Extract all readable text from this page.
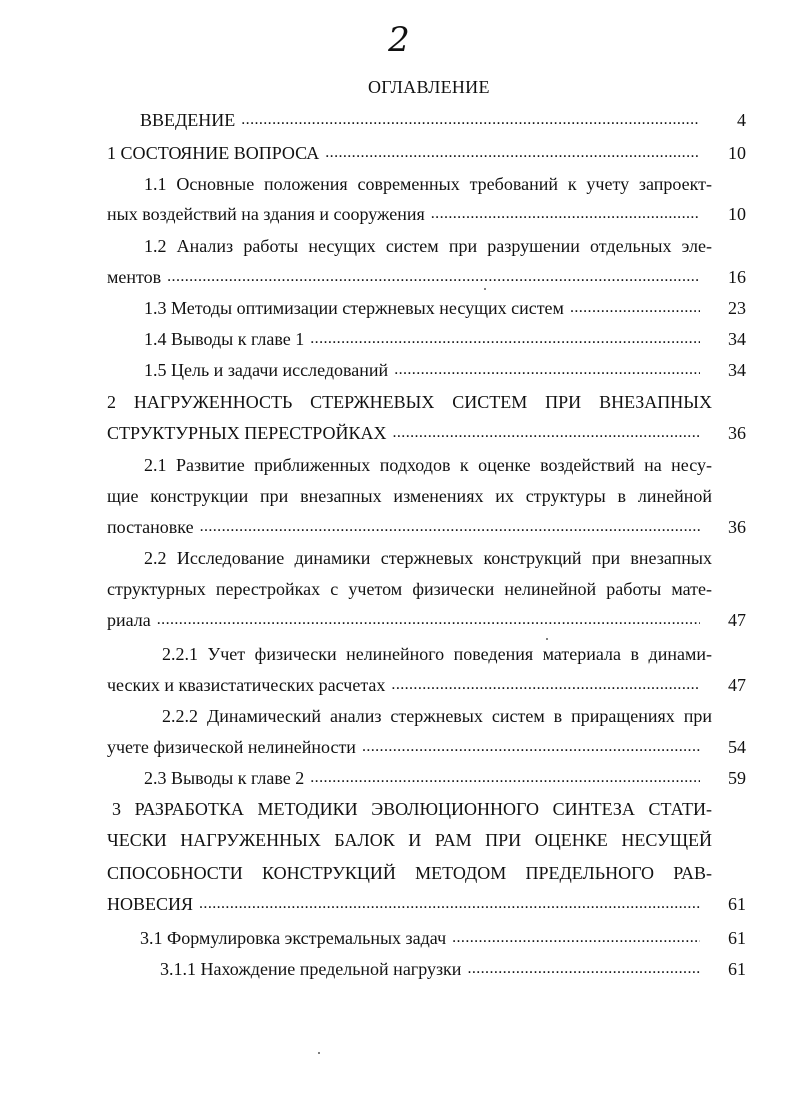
2
ОГЛАВЛЕНИЕ
4
ВВЕДЕНИЕ
. . .
10
1 СОСТОЯНИЕ ВОПРОСА
. . .
1.1 Основные положения современных требований к учету запроект-
10
ных воздействий на здания и сооружения
. . .
1.2 Анализ работы несущих систем при разрушении отдельных эле-
16
ментов
. . .
23
1.3 Методы оптимизации стержневых несущих систем
. . .
34
1.4 Выводы к главе 1
. . .
34
1.5 Цель и задачи исследований
. . .
2 НАГРУЖЕННОСТЬ СТЕРЖНЕВЫХ СИСТЕМ ПРИ ВНЕЗАПНЫХ
36
СТРУКТУРНЫХ ПЕРЕСТРОЙКАХ
. . .
2.1 Развитие приближенных подходов к оценке воздействий на несу-
щие конструкции при внезапных изменениях их структуры в линейной
36
постановке
. . .
2.2 Исследование динамики стержневых конструкций при внезапных
структурных перестройках с учетом физически нелинейной работы мате-
47
риала
. . .
2.2.1 Учет физически нелинейного поведения материала в динами-
47
ческих и квазистатических расчетах
. . .
2.2.2 Динамический анализ стержневых систем в приращениях при
54
учете физической нелинейности
. . .
59
2.3 Выводы к главе 2
. . .
3 РАЗРАБОТКА МЕТОДИКИ ЭВОЛЮЦИОННОГО СИНТЕЗА СТАТИ-
ЧЕСКИ НАГРУЖЕННЫХ БАЛОК И РАМ ПРИ ОЦЕНКЕ НЕСУЩЕЙ
СПОСОБНОСТИ КОНСТРУКЦИЙ МЕТОДОМ ПРЕДЕЛЬНОГО РАВ-
61
НОВЕСИЯ
. . .
61
3.1 Формулировка экстремальных задач
. . .
61
3.1.1 Нахождение предельной нагрузки
. . .
